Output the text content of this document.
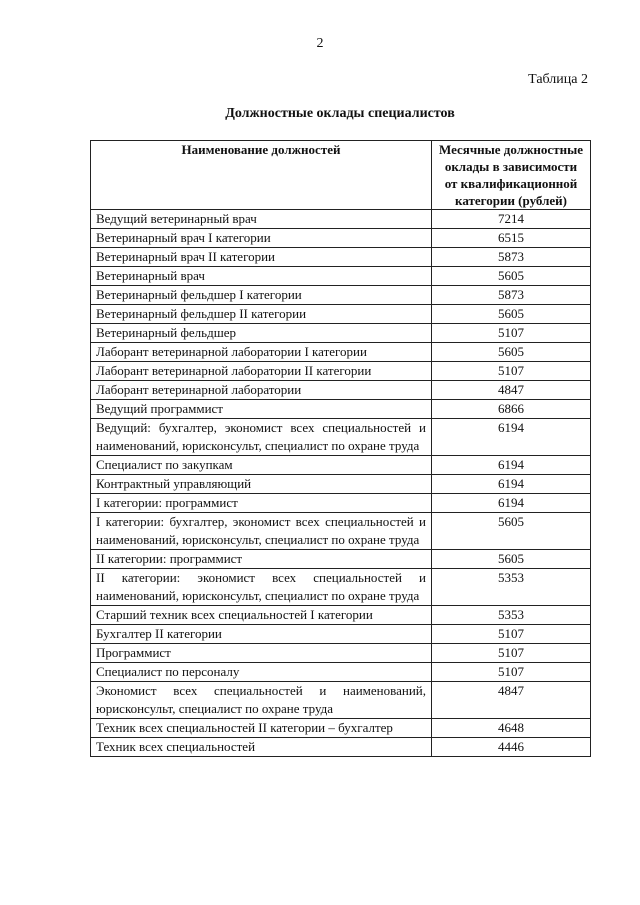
2
Таблица 2
Должностные оклады специалистов
Наименование должностей	Месячные должностные оклады в зависимости от квалификационной категории (рублей)
Ведущий ветеринарный врач	7214
Ветеринарный врач I категории	6515
Ветеринарный врач II категории	5873
Ветеринарный врач	5605
Ветеринарный фельдшер I категории	5873
Ветеринарный фельдшер II категории	5605
Ветеринарный фельдшер	5107
Лаборант ветеринарной лаборатории I категории	5605
Лаборант ветеринарной лаборатории II категории	5107
Лаборант ветеринарной лаборатории	4847
Ведущий программист	6866
Ведущий: бухгалтер, экономист всех специальностей и наименований, юрисконсульт, специалист по охране труда	6194
Специалист по закупкам	6194
Контрактный управляющий	6194
I категории: программист	6194
I категории: бухгалтер, экономист всех специальностей и наименований, юрисконсульт, специалист по охране труда	5605
II категории: программист	5605
II категории: экономист всех специальностей и наименований, юрисконсульт, специалист по охране труда	5353
Старший техник всех специальностей I категории	5353
Бухгалтер II категории	5107
Программист	5107
Специалист по персоналу	5107
Экономист всех специальностей и наименований, юрисконсульт, специалист по охране труда	4847
Техник всех специальностей II категории – бухгалтер	4648
Техник всех специальностей	4446
